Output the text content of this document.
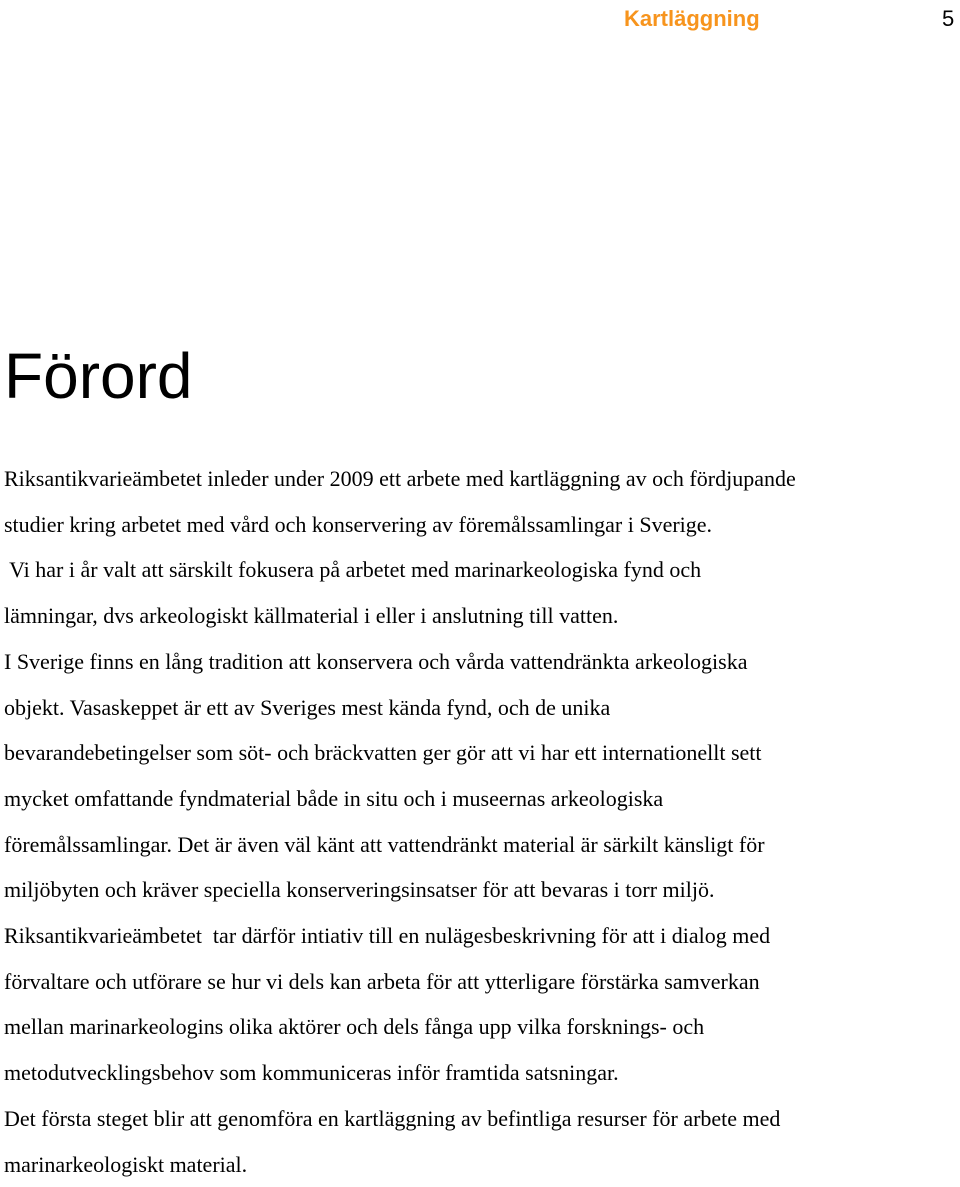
Kartläggning	5
Förord
Riksantikvarieämbetet inleder under 2009 ett arbete med kartläggning av och fördjupande
studier kring arbetet med vård och konservering av föremålssamlingar i Sverige.
Vi har i år valt att särskilt fokusera på arbetet med marinarkeologiska fynd och
lämningar, dvs arkeologiskt källmaterial i eller i anslutning till vatten.
I Sverige finns en lång tradition att konservera och vårda vattendränkta arkeologiska
objekt. Vasaskeppet är ett av Sveriges mest kända fynd, och de unika
bevarandebetingelser som söt- och bräckvatten ger gör att vi har ett internationellt sett
mycket omfattande fyndmaterial både in situ och i museernas arkeologiska
föremålssamlingar. Det är även väl känt att vattendränkt material är särkilt känsligt för
miljöbyten och kräver speciella konserveringsinsatser för att bevaras i torr miljö.
Riksantikvarieämbetet  tar därför intiativ till en nulägesbeskrivning för att i dialog med
förvaltare och utförare se hur vi dels kan arbeta för att ytterligare förstärka samverkan
mellan marinarkeologins olika aktörer och dels fånga upp vilka forsknings- och
metodutvecklingsbehov som kommuniceras inför framtida satsningar.
Det första steget blir att genomföra en kartläggning av befintliga resurser för arbete med
marinarkeologiskt material.
